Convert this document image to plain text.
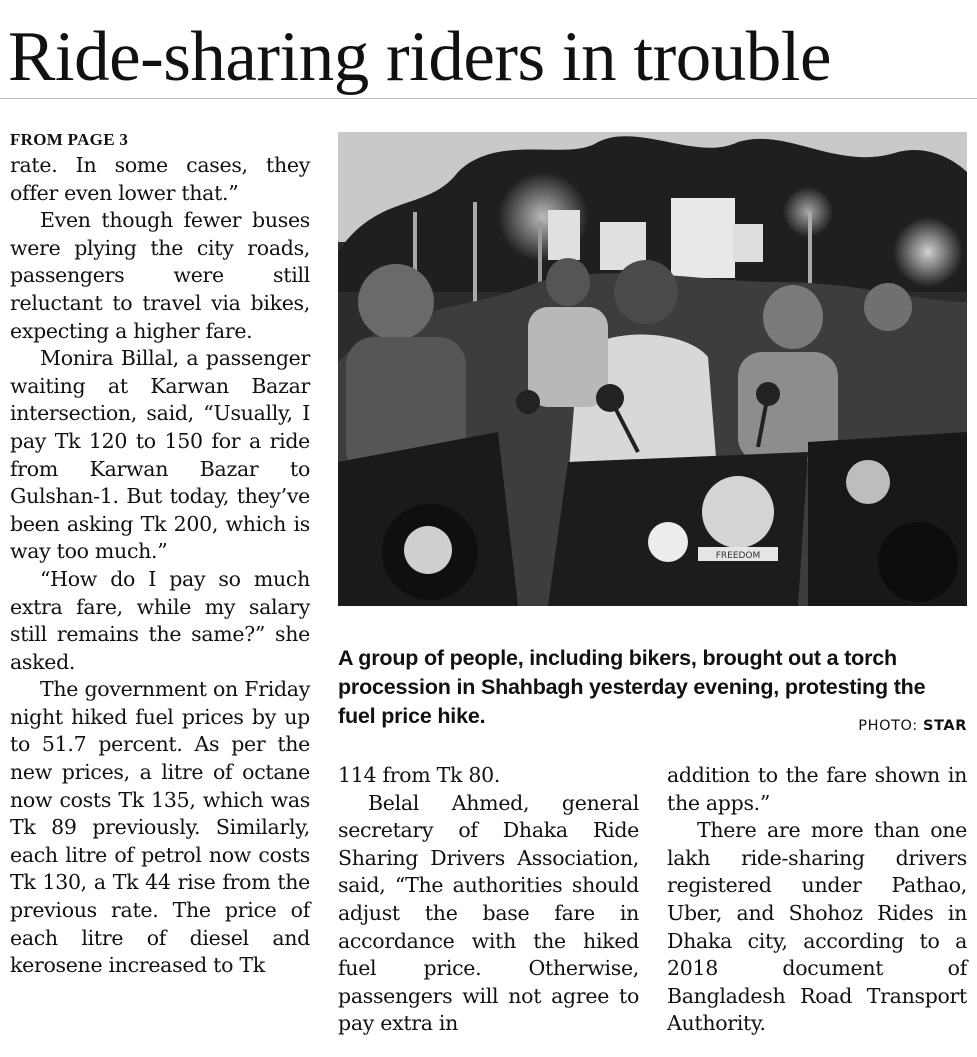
Ride-sharing riders in trouble
FROM PAGE 3

rate. In some cases, they offer even lower that.”

Even though fewer buses were plying the city roads, passengers were still reluctant to travel via bikes, expecting a higher fare.

Monira Billal, a passenger waiting at Karwan Bazar intersection, said, “Usually, I pay Tk 120 to 150 for a ride from Karwan Bazar to Gulshan-1. But today, they’ve been asking Tk 200, which is way too much.”

“How do I pay so much extra fare, while my salary still remains the same?” she asked.

The government on Friday night hiked fuel prices by up to 51.7 percent. As per the new prices, a litre of octane now costs Tk 135, which was Tk 89 previously. Similarly, each litre of petrol now costs Tk 130, a Tk 44 rise from the previous rate. The price of each litre of diesel and kerosene increased to Tk

FREEDOM

A group of people, including bikers, brought out a torch procession in Shahbagh yesterday evening, protesting the fuel price hike.	PHOTO: STAR

114 from Tk 80.

Belal Ahmed, general secretary of Dhaka Ride Sharing Drivers Association, said, “The authorities should adjust the base fare in accordance with the hiked fuel price. Otherwise, passengers will not agree to pay extra in

addition to the fare shown in the apps.”

There are more than one lakh ride-sharing drivers registered under Pathao, Uber, and Shohoz Rides in Dhaka city, according to a 2018 document of Bangladesh Road Transport Authority.
